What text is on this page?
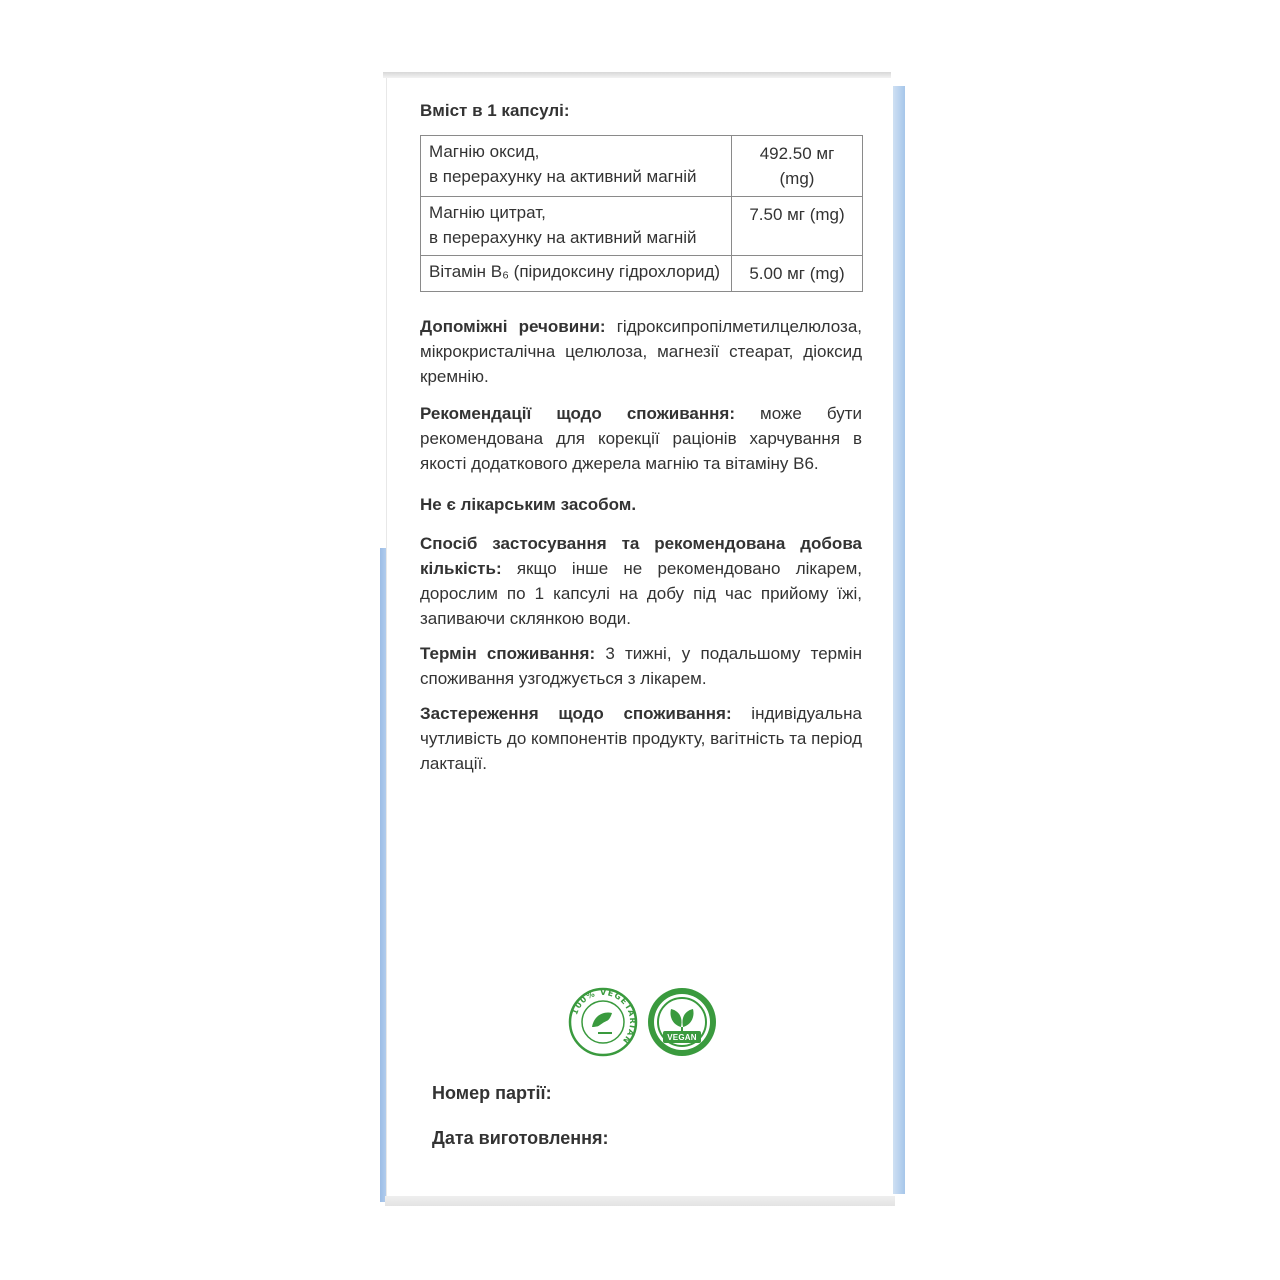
Вміст в 1 капсулі:
Магнію оксид,
в перерахунку на активний магній	492.50 мг (mg)
Магнію цитрат,
в перерахунку на активний магній	7.50 мг (mg)
Вітамін B₆ (піридоксину гідрохлорид)	5.00 мг (mg)

Допоміжні речовини: гідроксипропілметилцелюлоза, мікрокристалічна целюлоза, магнезії стеарат, діоксид кремнію.

Рекомендації щодо споживання: може бути рекомендована для корекції раціонів харчування в якості додаткового джерела магнію та вітаміну B6.

Не є лікарським засобом.

Спосіб застосування та рекомендована добова кількість: якщо інше не рекомендовано лікарем, дорослим по 1 капсулі на добу під час прийому їжі, запиваючи склянкою води.

Термін споживання: 3 тижні, у подальшому термін споживання узгоджується з лікарем.

Застереження щодо споживання: індивідуальна чутливість до компонентів продукту, вагітність та період лактації.

100% VEGETARIAN	VEGAN
Номер партії:
Дата виготовлення:
